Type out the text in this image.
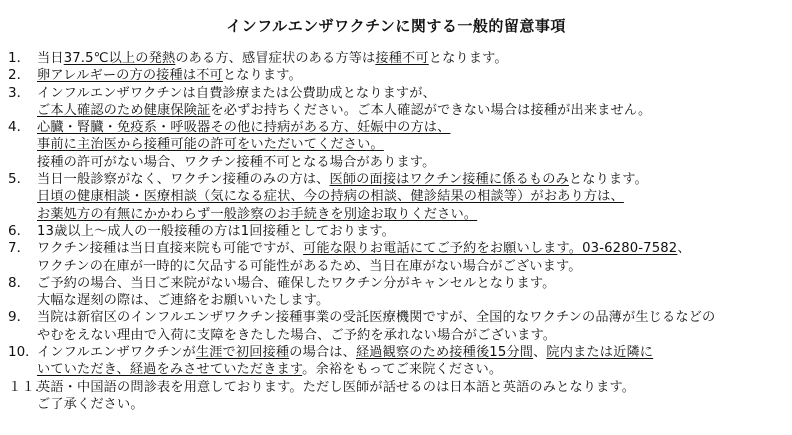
インフルエンザワクチンに関する一般的留意事項
1． 当日37.5℃以上の発熱のある方、感冒症状のある方等は接種不可となります。
2． 卵アレルギーの方の接種は不可となります。
3． インフルエンザワクチンは自費診療または公費助成となりますが、
ご本人確認のため健康保険証を必ずお持ちください。ご本人確認ができない場合は接種が出来ません。
4． 心臓・腎臓・免疫系・呼吸器その他に持病がある方、妊娠中の方は、
事前に主治医から接種可能の許可をいただいてください。
接種の許可がない場合、ワクチン接種不可となる場合があります。
5． 当日一般診察がなく、ワクチン接種のみの方は、医師の面接はワクチン接種に係るものみとなります。
日頃の健康相談・医療相談（気になる症状、今の持病の相談、健診結果の相談等）がおあり方は、
お薬処方の有無にかかわらず一般診察のお手続きを別途お取りください。
6． 13歳以上～成人の一般接種の方は1回接種としております。
7． ワクチン接種は当日直接来院も可能ですが、可能な限りお電話にてご予約をお願いします。03-6280-7582、
ワクチンの在庫が一時的に欠品する可能性があるため、当日在庫がない場合がございます。
8． ご予約の場合、当日ご来院がない場合、確保したワクチン分がキャンセルとなります。
大幅な遅刻の際は、ご連絡をお願いいたします。
9． 当院は新宿区のインフルエンザワクチン接種事業の受託医療機関ですが、全国的なワクチンの品薄が生じるなどの
やむをえない理由で入荷に支障をきたした場合、ご予約を承れない場合がございます。
10．
インフルエンザワクチンが生涯で初回接種の場合は、経過観察のため接種後15分間、院内または近隣に
いていただき、経過をみさせていただきます。余裕をもってご来院ください。
１１．
英語・中国語の問診表を用意しております。ただし医師が話せるのは日本語と英語のみとなります。
ご了承ください。
